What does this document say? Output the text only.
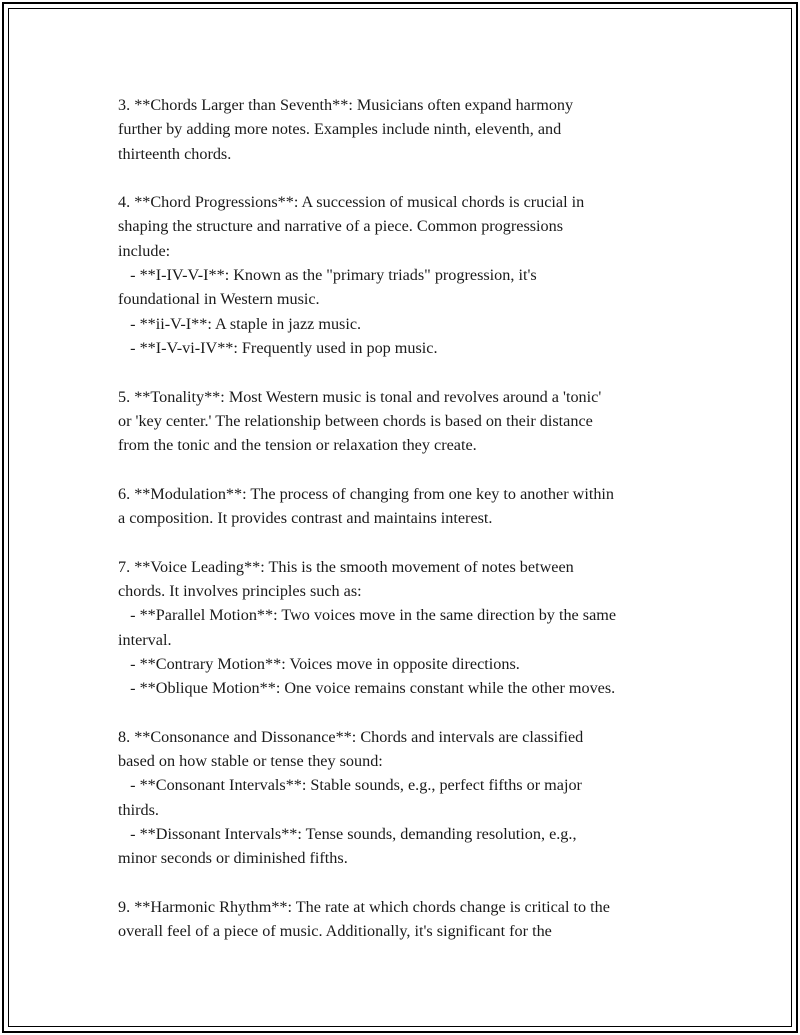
3. **Chords Larger than Seventh**: Musicians often expand harmony
further by adding more notes. Examples include ninth, eleventh, and
thirteenth chords.

4. **Chord Progressions**: A succession of musical chords is crucial in
shaping the structure and narrative of a piece. Common progressions
include:
- **I-IV-V-I**: Known as the "primary triads" progression, it's
foundational in Western music.
- **ii-V-I**: A staple in jazz music.
- **I-V-vi-IV**: Frequently used in pop music.

5. **Tonality**: Most Western music is tonal and revolves around a 'tonic'
or 'key center.' The relationship between chords is based on their distance
from the tonic and the tension or relaxation they create.

6. **Modulation**: The process of changing from one key to another within
a composition. It provides contrast and maintains interest.

7. **Voice Leading**: This is the smooth movement of notes between
chords. It involves principles such as:
- **Parallel Motion**: Two voices move in the same direction by the same
interval.
- **Contrary Motion**: Voices move in opposite directions.
- **Oblique Motion**: One voice remains constant while the other moves.

8. **Consonance and Dissonance**: Chords and intervals are classified
based on how stable or tense they sound:
- **Consonant Intervals**: Stable sounds, e.g., perfect fifths or major
thirds.
- **Dissonant Intervals**: Tense sounds, demanding resolution, e.g.,
minor seconds or diminished fifths.

9. **Harmonic Rhythm**: The rate at which chords change is critical to the
overall feel of a piece of music. Additionally, it's significant for the
